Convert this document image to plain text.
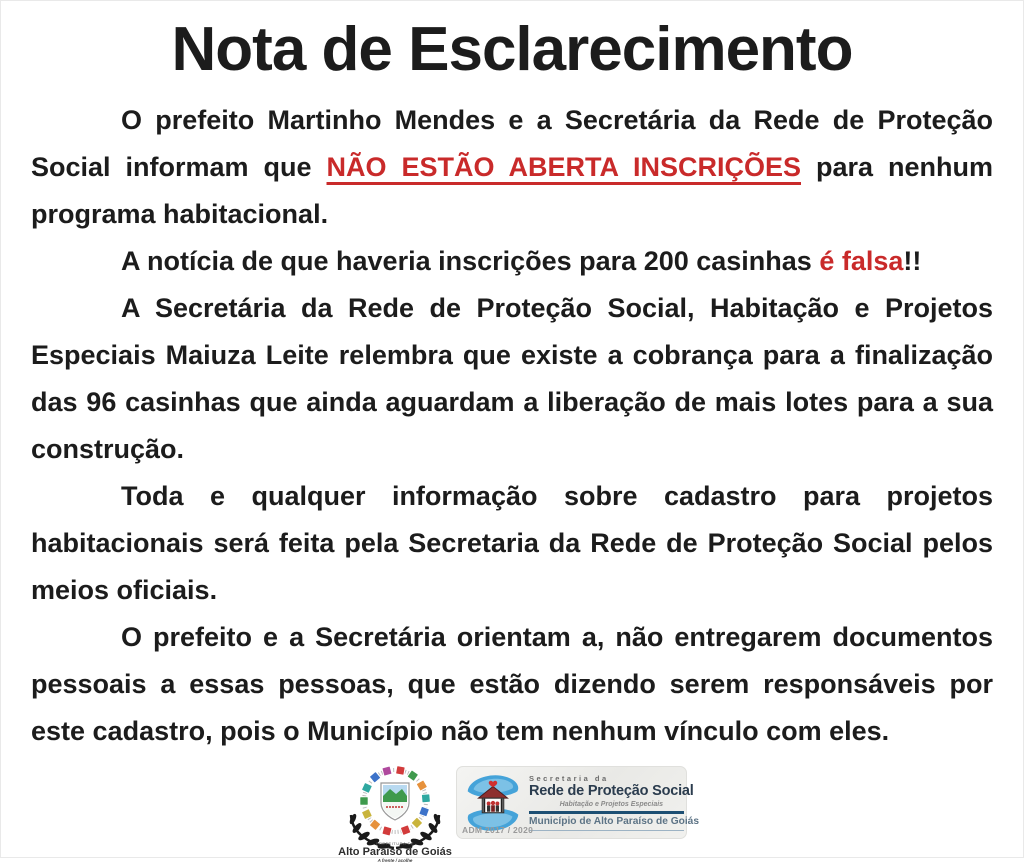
Nota de Esclarecimento

O prefeito Martinho Mendes e a Secretária da Rede de Proteção Social informam que NÃO ESTÃO ABERTA INSCRIÇÕES para nenhum programa habitacional.

A notícia de que haveria inscrições para 200 casinhas é falsa!!

A Secretária da Rede de Proteção Social, Habitação e Projetos Especiais Maiuza Leite relembra que existe a cobrança para a finalização das 96 casinhas que ainda aguardam a liberação de mais lotes para a sua construção.

Toda e qualquer informação sobre cadastro para projetos habitacionais será feita pela Secretaria da Rede de Proteção Social pelos meios oficiais.

O prefeito e a Secretária orientam a, não entregarem documentos pessoais a essas pessoas, que estão dizendo serem responsáveis por este cadastro, pois o Município não tem nenhum vínculo com eles.

PREFEITURA DE
Alto Paraíso de Goiás
A frente / acolhe
Secretaria da
Rede de Proteção Social
Habitação e Projetos Especiais
Município de Alto Paraíso de Goiás
ADM 2017 / 2020
